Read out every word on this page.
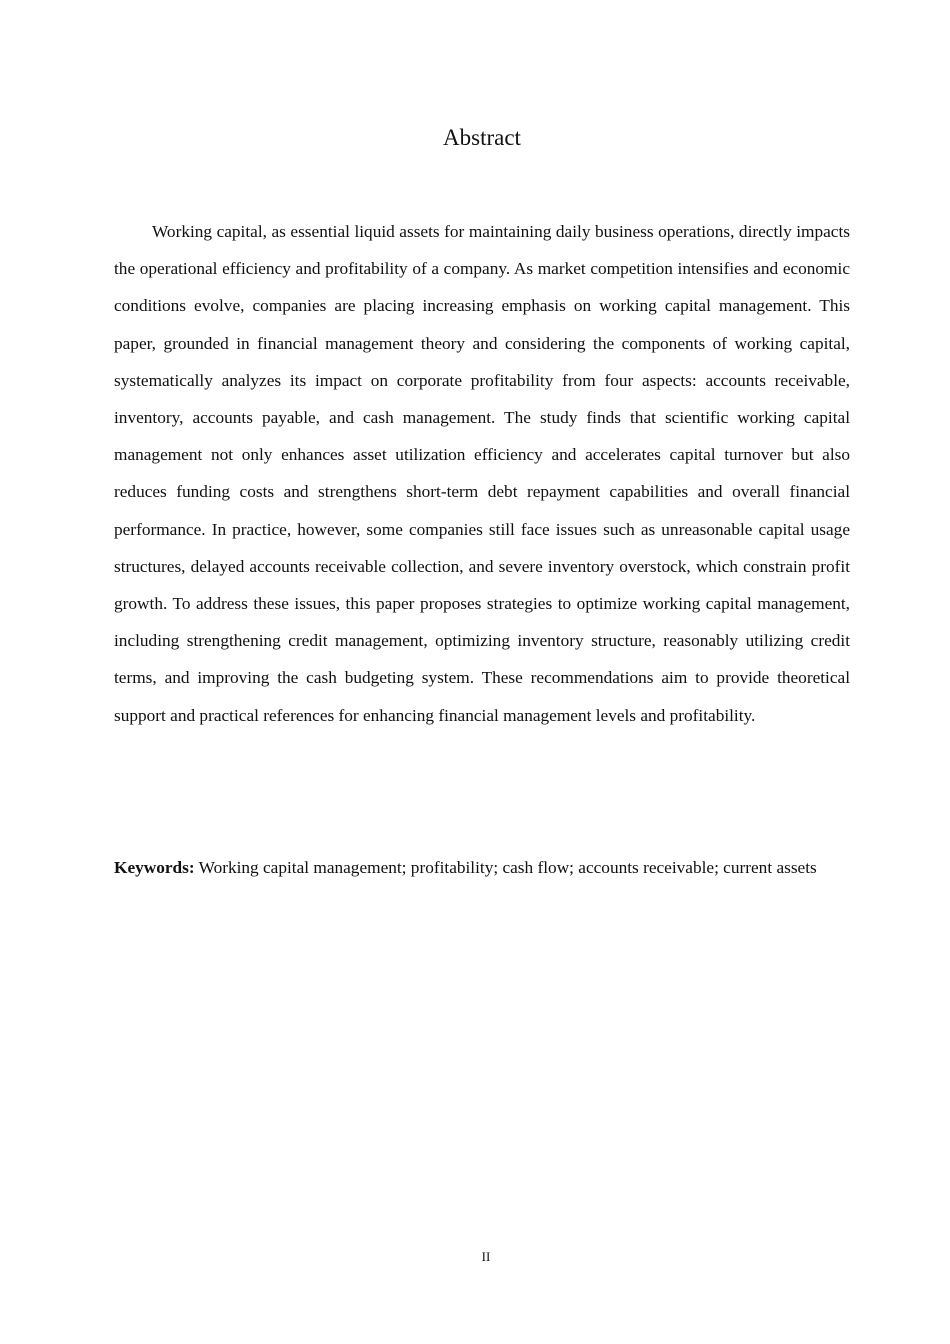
Abstract

Working capital, as essential liquid assets for maintaining daily business operations, directly impacts the operational efficiency and profitability of a company. As market competition intensifies and economic conditions evolve, companies are placing increasing emphasis on working capital management. This paper, grounded in financial management theory and considering the components of working capital, systematically analyzes its impact on corporate profitability from four aspects: accounts receivable, inventory, accounts payable, and cash management. The study finds that scientific working capital management not only enhances asset utilization efficiency and accelerates capital turnover but also reduces funding costs and strengthens short-term debt repayment capabilities and overall financial performance. In practice, however, some companies still face issues such as unreasonable capital usage structures, delayed accounts receivable collection, and severe inventory overstock, which constrain profit growth. To address these issues, this paper proposes strategies to optimize working capital management, including strengthening credit management, optimizing inventory structure, reasonably utilizing credit terms, and improving the cash budgeting system. These recommendations aim to provide theoretical support and practical references for enhancing financial management levels and profitability.

Keywords: Working capital management; profitability; cash flow; accounts receivable; current assets

II
